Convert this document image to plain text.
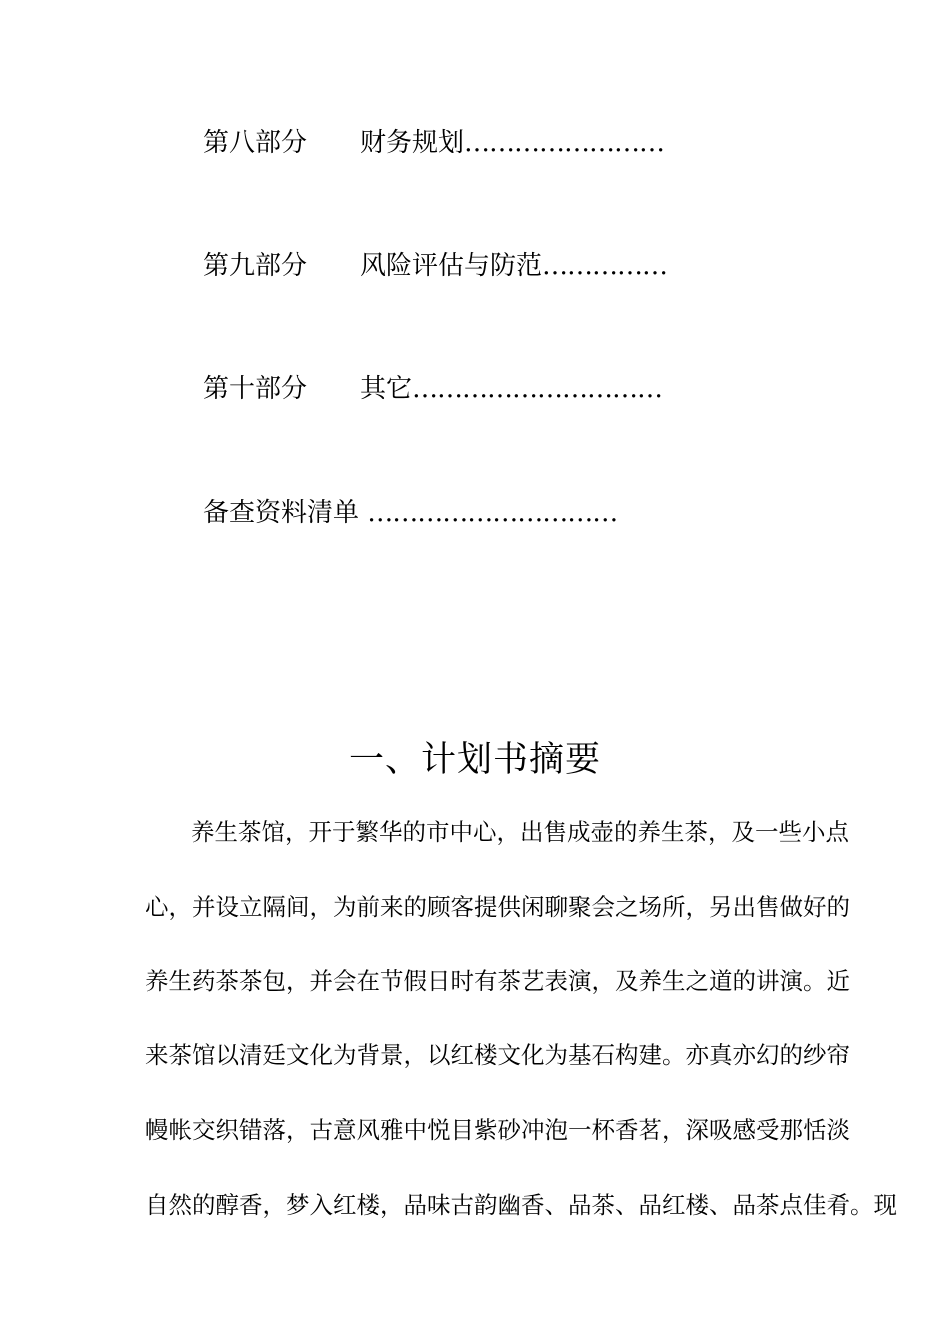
第八部分 财务规划……………………
第九部分 风险评估与防范……………
第十部分 其它…………………………
备查资料清单 …………………………
一、计划书摘要
养生茶馆，开于繁华的市中心，出售成壶的养生茶，及一些小点
心，并设立隔间，为前来的顾客提供闲聊聚会之场所，另出售做好的
养生药茶茶包，并会在节假日时有茶艺表演，及养生之道的讲演。近
来茶馆以清廷文化为背景，以红楼文化为基石构建。亦真亦幻的纱帘
幔帐交织错落，古意风雅中悦目紫砂冲泡一杯香茗，深吸感受那恬淡
自然的醇香，梦入红楼，品味古韵幽香、品茶、品红楼、品茶点佳肴。现
